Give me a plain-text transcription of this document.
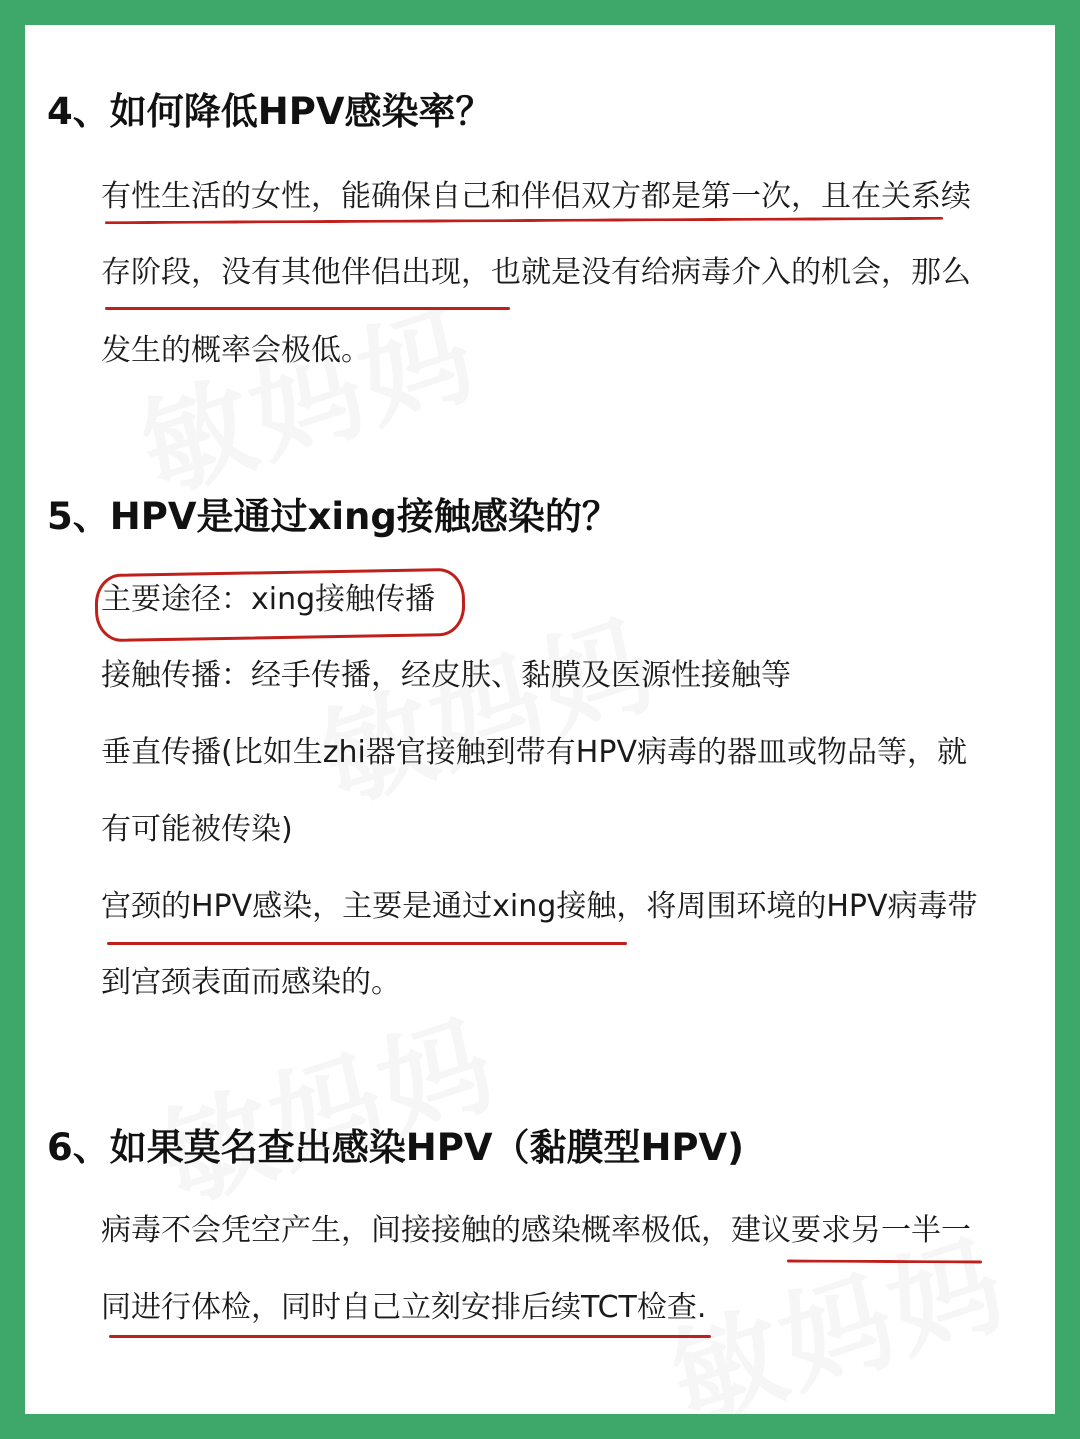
4、如何降低HPV感染率？

有性生活的女性，能确保自己和伴侣双方都是第一次，且在关系续

存阶段，没有其他伴侣出现，也就是没有给病毒介入的机会，那么

发生的概率会极低。

5、HPV是通过xing接触感染的？

主要途径：xing接触传播

接触传播：经手传播，经皮肤、黏膜及医源性接触等

垂直传播(比如生zhi器官接触到带有HPV病毒的器皿或物品等，就

有可能被传染)

宫颈的HPV感染，主要是通过xing接触，将周围环境的HPV病毒带

到宫颈表面而感染的。

6、如果莫名查出感染HPV（黏膜型HPV)

病毒不会凭空产生，间接接触的感染概率极低，建议要求另一半一

同进行体检，同时自己立刻安排后续TCT检查.
